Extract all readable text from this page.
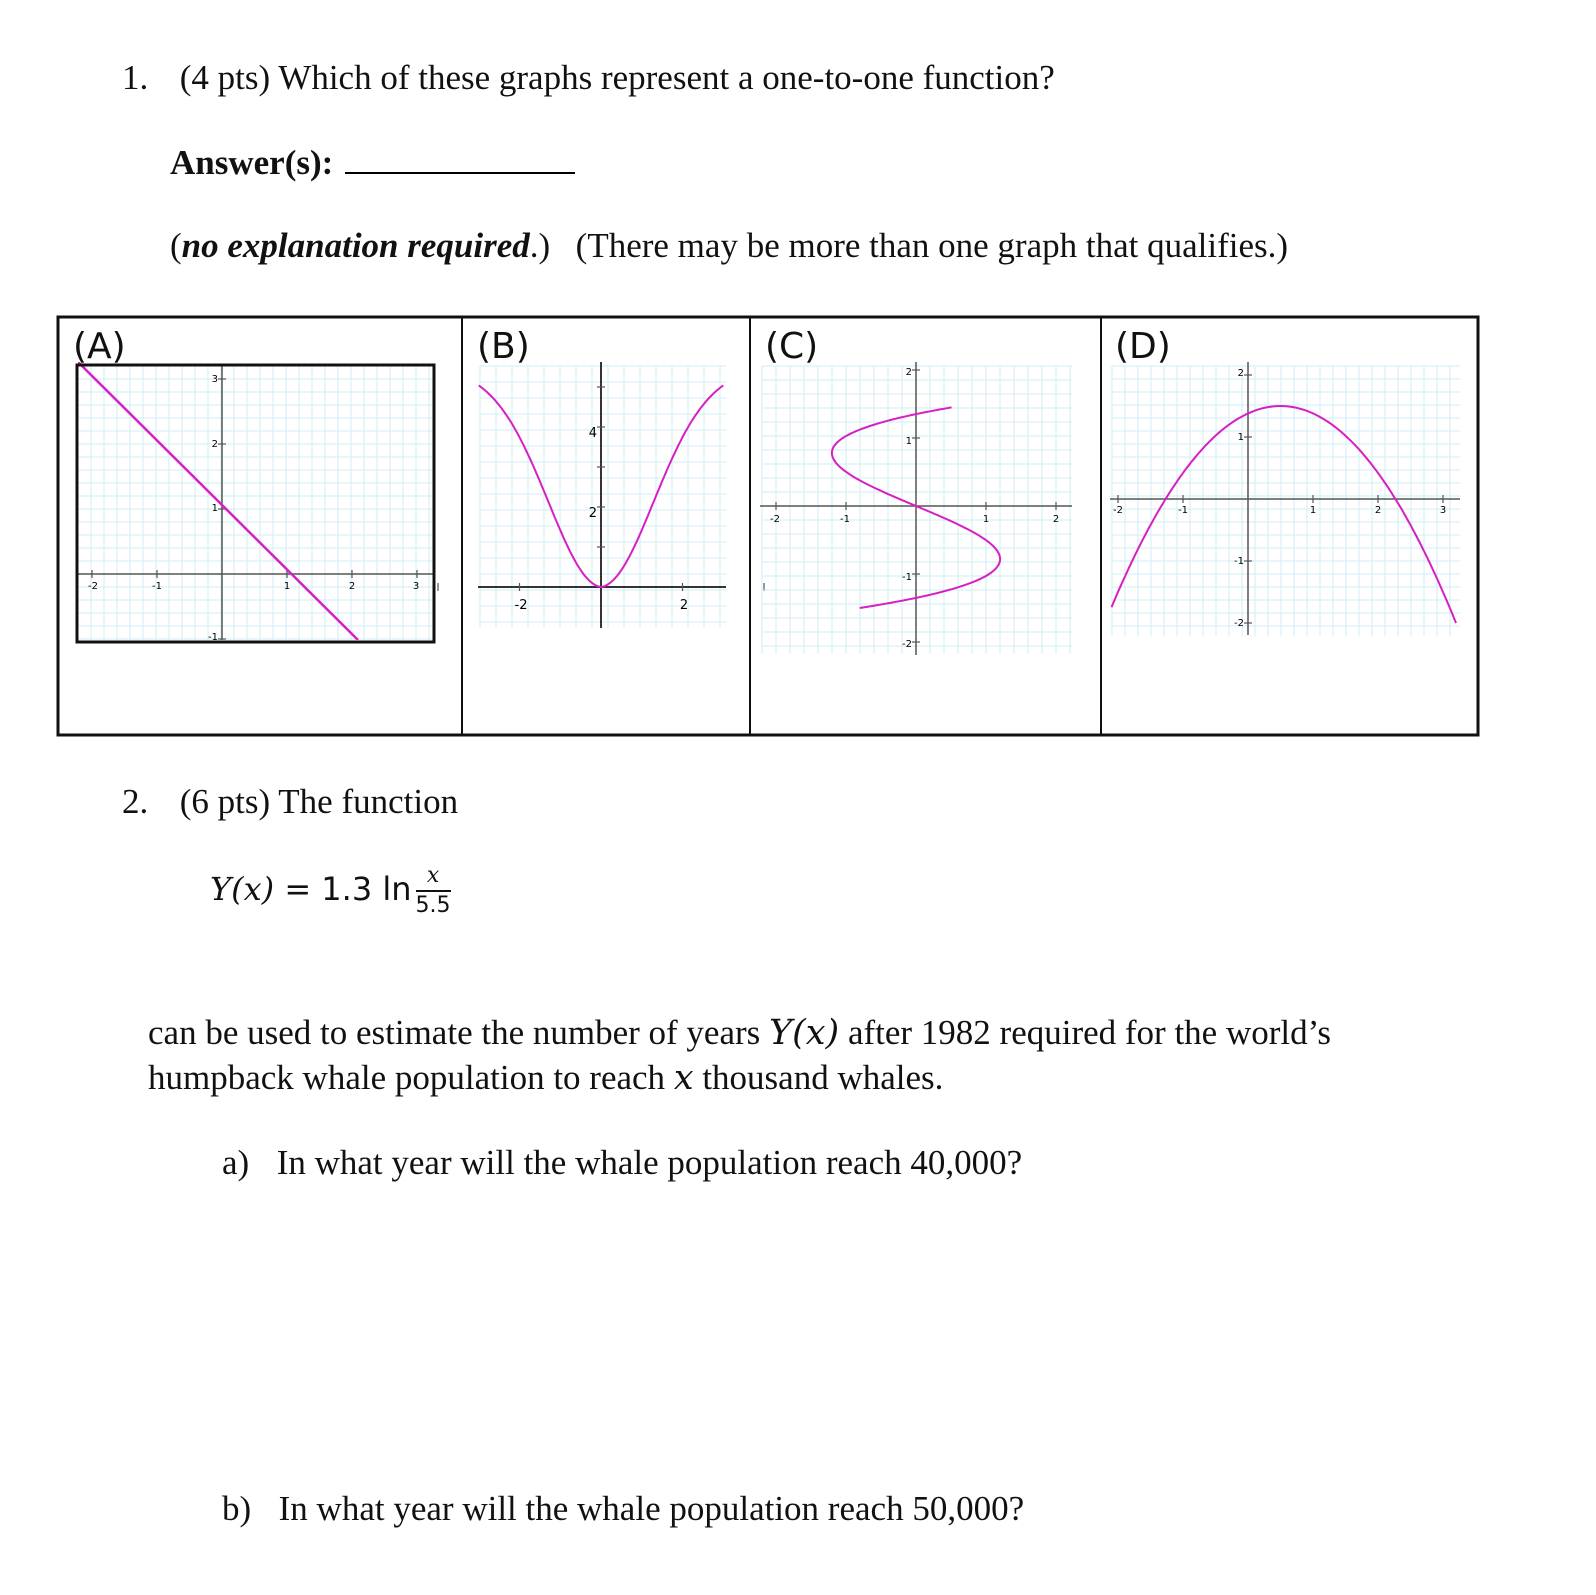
1. (4 pts) Which of these graphs represent a one-to-one function?
Answer(s):
(no explanation required.) (There may be more than one graph that qualifies.)
(A)	(B)	(C)	(D)
-2	-1	1	2	3
3
2
1
-1
-2	2
4
2	-2	-1	1	2
2
1
-1
-2
-2	-1	1	2	3
2
1
-1
-2
2. (6 pts) The function
Y(x) = 1.3 $\ln \frac{x}{5.5}$
can be used to estimate the number of years Y(x) after 1982 required for the world’s
humpback whale population to reach x thousand whales.
a) In what year will the whale population reach 40,000?
b) In what year will the whale population reach 50,000?
